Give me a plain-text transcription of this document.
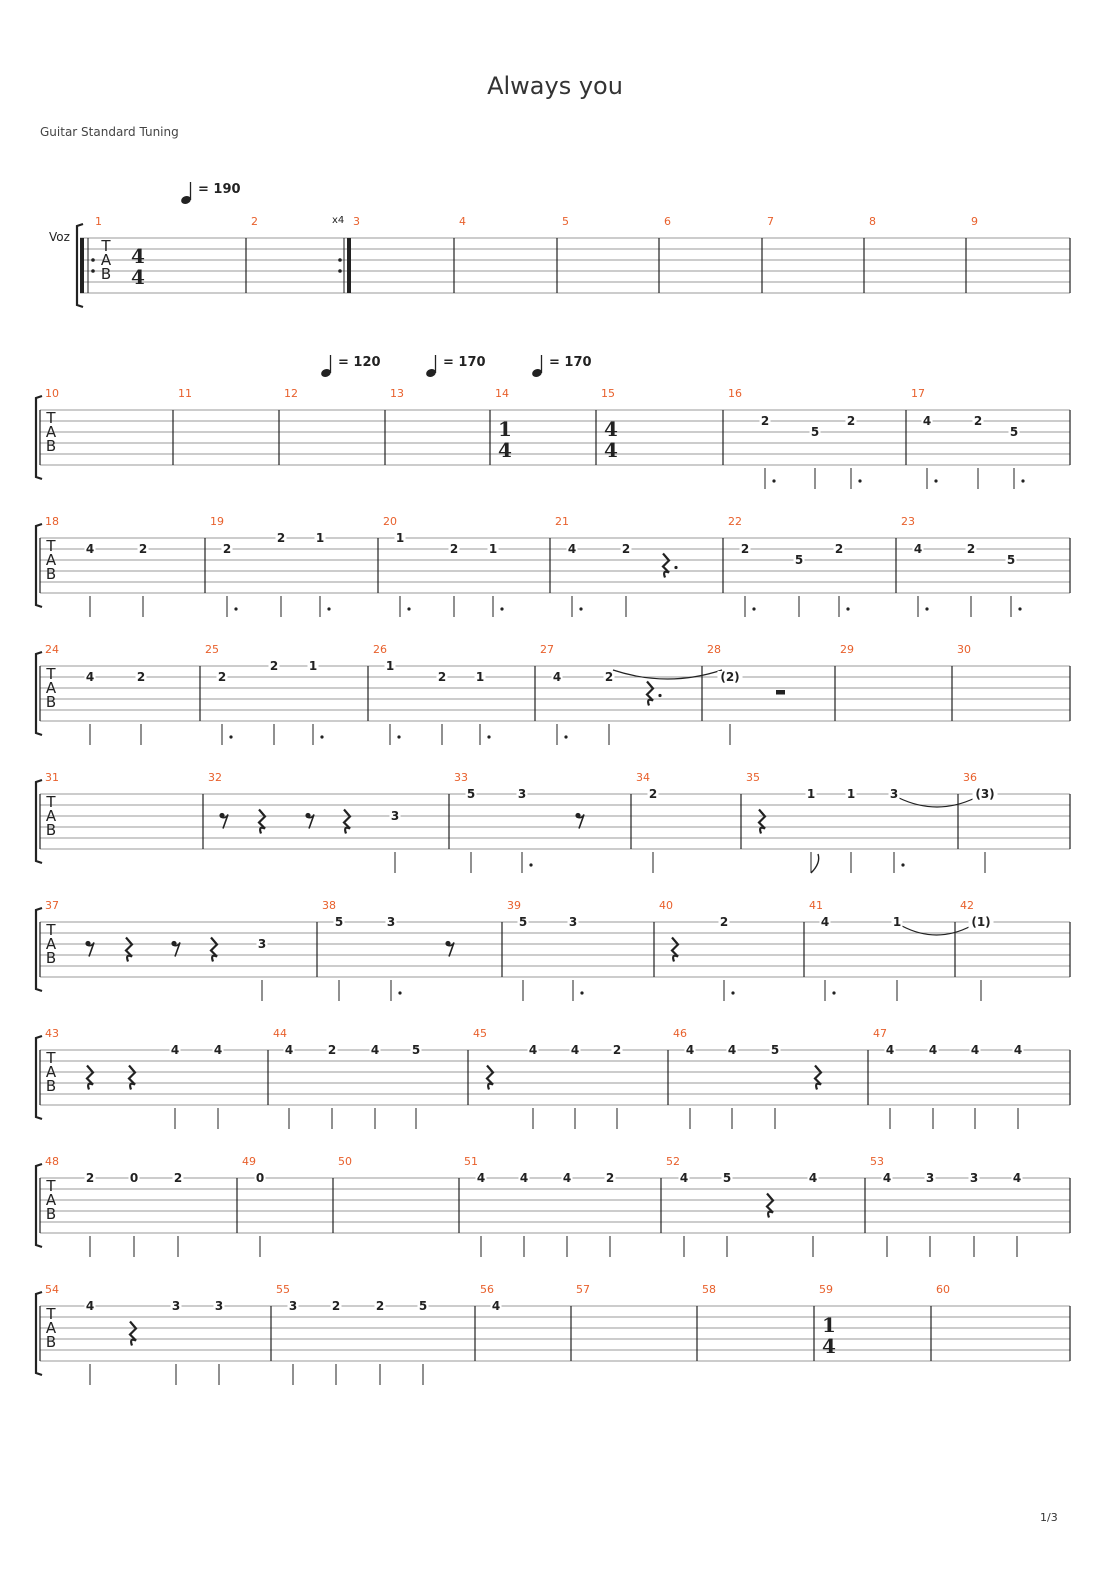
Always you
Guitar Standard Tuning
T
A
B
1	2	3	4	5	6	7	8	9
Voz
x4
4
4
= 190
T
A
B
10	11	12	13	14	15	16	17
1
4
4
4
= 120	= 170	= 170
2
5
2	4	2
5
T
A
B
18	19	20	21	22	23
4	2	2
2	1	1
2	1	4	2	2
5
2	4	2
5
T
A
B
24	25	26	27	28	29	30
4	2	2
2	1	1
2 1	4	2	(2)
T
A
B
31	32	33	34	35	36
3
5	3	2	1	1	3	(3)
T
A
B
37	38	39	40	41	42
3
5	3	5	3	2	4	1	(1)
T
A
B
43	44	45	46	47
4	4	4	2	4	5	4	4	2	4	4	5	4	4	4	4
T
A
B
48	49	50	51	52	53
2	0	2	0	4	4	4	2	4	5	4	4	3	3	4
T
A
B
54	55	56	57	58	59	60
1
4
4	3	3	3	2	2	5	4
1/3
